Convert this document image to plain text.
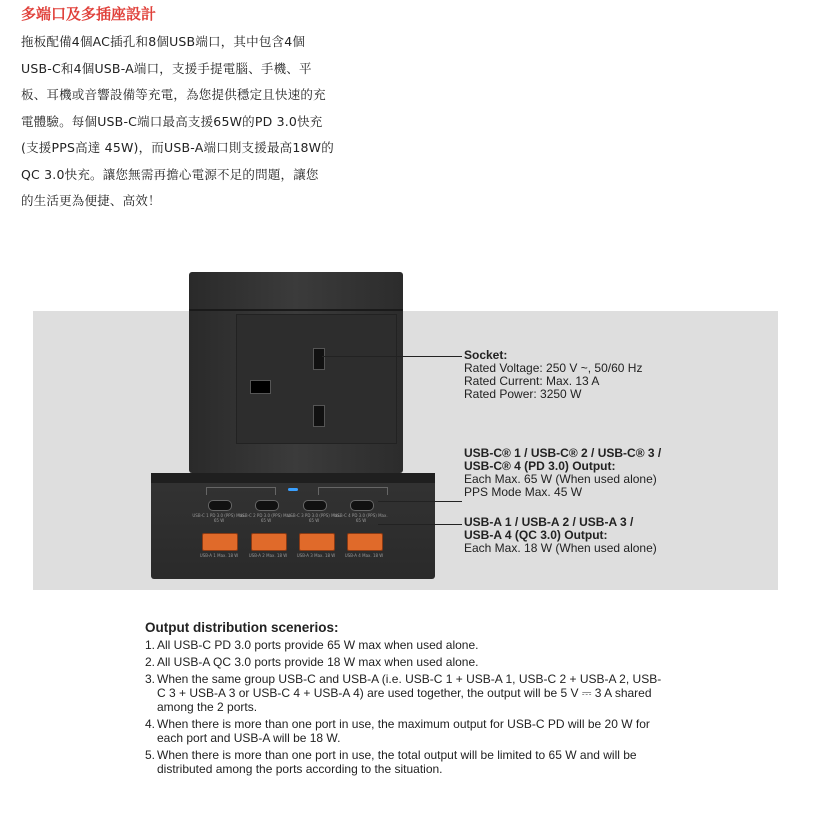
多端口及多插座設計

拖板配備4個AC插孔和8個USB端口，其中包含4個
USB-C和4個USB-A端口，支援手提電腦、手機、平
板、耳機或音響設備等充電，為您提供穩定且快速的充
電體驗。每個USB-C端口最高支援65W的PD 3.0快充
(支援PPS高達 45W)，而USB-A端口則支援最高18W的
QC 3.0快充。讓您無需再擔心電源不足的問題，讓您
的生活更為便捷、高效！

USB-C 1 PD 3.0 (PPS) Max. 65 W
USB-C 2 PD 3.0 (PPS) Max. 65 W
USB-C 3 PD 3.0 (PPS) Max. 65 W
USB-C 4 PD 3.0 (PPS) Max. 65 W
USB-A 1 Max. 18 W	USB-A 2 Max. 18 W	USB-A 3 Max. 18 W	USB-A 4 Max. 18 W
Socket:
Rated Voltage: 250 V ~, 50/60 Hz
Rated Current: Max. 13 A
Rated Power: 3250 W
USB-C® 1 / USB-C® 2 / USB-C® 3 /
USB-C® 4 (PD 3.0) Output:
Each Max. 65 W (When used alone)
PPS Mode Max. 45 W
USB-A 1 / USB-A 2 / USB-A 3 /
USB-A 4 (QC 3.0) Output:
Each Max. 18 W (When used alone)
Output distribution scenerios:
1. All USB-C PD 3.0 ports provide 65 W max when used alone.
2. All USB-A QC 3.0 ports provide 18 W max when used alone.
3. When the same group USB-C and USB-A (i.e. USB-C 1 + USB-A 1, USB-C 2 + USB-A 2, USB-C 3 + USB-A 3 or USB-C 4 + USB-A 4) are used together, the output will be 5 V ⎓ 3 A shared among the 2 ports.
4. When there is more than one port in use, the maximum output for USB-C PD will be 20 W for each port and USB-A will be 18 W.
5. When there is more than one port in use, the total output will be limited to 65 W and will be distributed among the ports according to the situation.
